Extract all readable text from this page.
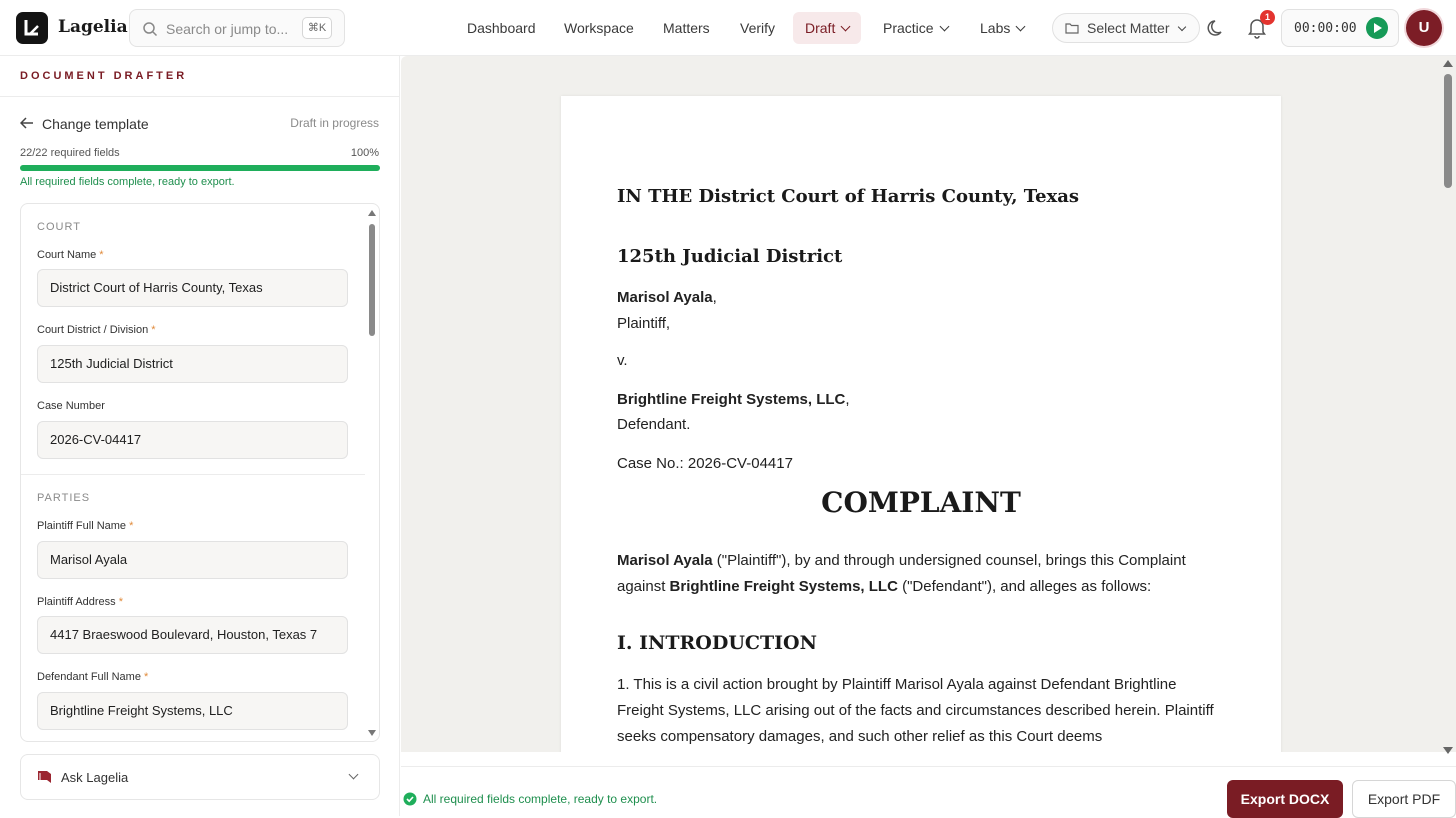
Lagelia	Search or jump to...	⌘K	Dashboard	Workspace	Matters	Verify	Draft	Practice	Labs	Select Matter
1
00:00:00	U
DOCUMENT DRAFTER
Change template	Draft in progress
22/22 required fields	100%
All required fields complete, ready to export.
COURT
Court Name *
District Court of Harris County, Texas
Court District / Division *
125th Judicial District
Case Number
2026-CV-04417
PARTIES
Plaintiff Full Name *
Marisol Ayala
Plaintiff Address *
4417 Braeswood Boulevard, Houston, Texas 7
Defendant Full Name *
Brightline Freight Systems, LLC
Ask Lagelia
IN THE District Court of Harris County, Texas
125th Judicial District
Marisol Ayala,
Plaintiff,
v.
Brightline Freight Systems, LLC,
Defendant.
Case No.: 2026-CV-04417
COMPLAINT
Marisol Ayala ("Plaintiff"), by and through undersigned counsel, brings this Complaint against Brightline Freight Systems, LLC ("Defendant"), and alleges as follows:
I. INTRODUCTION
1. This is a civil action brought by Plaintiff Marisol Ayala against Defendant Brightline Freight Systems, LLC arising out of the facts and circumstances described herein. Plaintiff seeks compensatory damages, and such other relief as this Court deems
All required fields complete, ready to export.	Export DOCX	Export PDF
